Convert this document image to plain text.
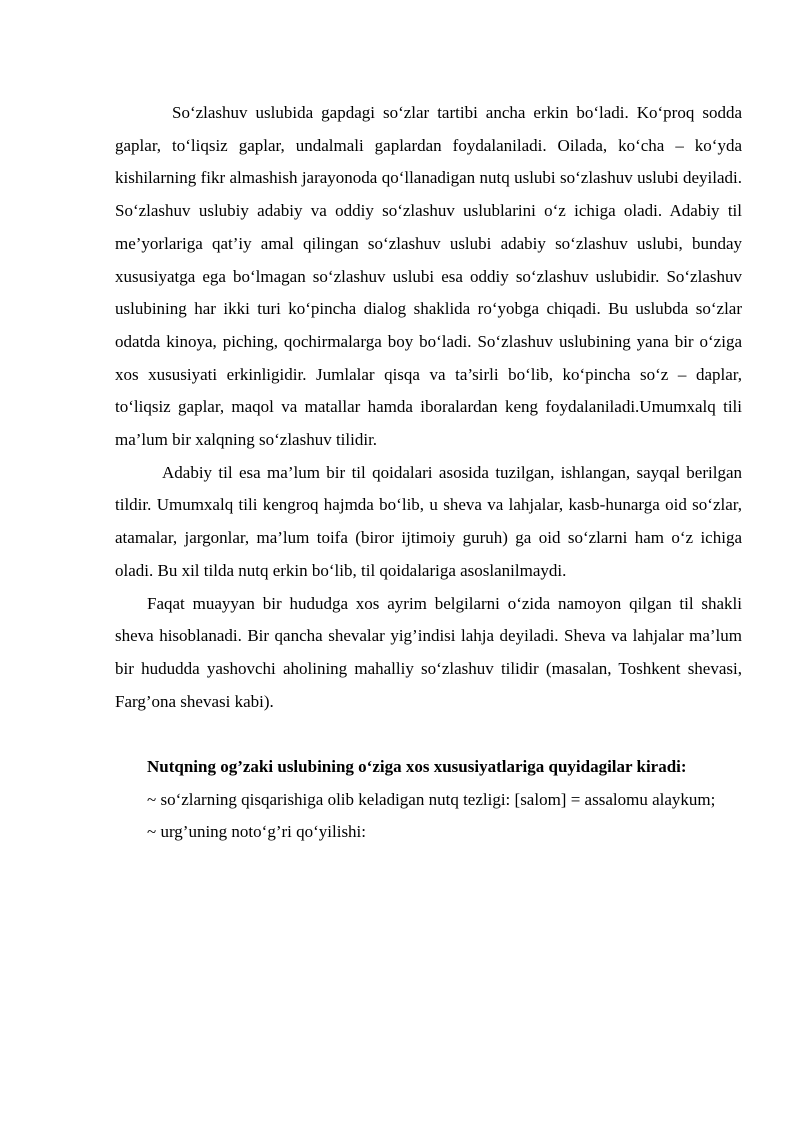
So‘zlashuv uslubida gapdagi so‘zlar tartibi ancha erkin bo‘ladi. Ko‘proq sodda gaplar, to‘liqsiz gaplar, undalmali gaplardan foydalaniladi. Oilada, ko‘cha – ko‘yda kishilarning fikr almashish jarayonoda qo‘llanadigan nutq uslubi so‘zlashuv uslubi deyiladi. So‘zlashuv uslubiy adabiy va oddiy so‘zlashuv uslublarini o‘z ichiga oladi. Adabiy til me’yorlariga qat’iy amal qilingan so‘zlashuv uslubi adabiy so‘zlashuv uslubi, bunday xususiyatga ega bo‘lmagan so‘zlashuv uslubi esa oddiy so‘zlashuv uslubidir. So‘zlashuv uslubining har ikki turi ko‘pincha dialog shaklida ro‘yobga chiqadi. Bu uslubda so‘zlar odatda kinoya, piching, qochirmalarga boy bo‘ladi. So‘zlashuv uslubining yana bir o‘ziga xos xususiyati erkinligidir. Jumlalar qisqa va ta’sirli bo‘lib, ko‘pincha so‘z – daplar, to‘liqsiz gaplar, maqol va matallar hamda iboralardan keng foydalaniladi.Umumxalq tili ma’lum bir xalqning so‘zlashuv tilidir.

Adabiy til esa ma’lum bir til qoidalari asosida tuzilgan, ishlangan, sayqal berilgan tildir. Umumxalq tili kengroq hajmda bo‘lib, u sheva va lahjalar, kasb-hunarga oid so‘zlar, atamalar, jargonlar, ma’lum toifa (biror ijtimoiy guruh) ga oid so‘zlarni ham o‘z ichiga oladi. Bu xil tilda nutq erkin bo‘lib, til qoidalariga asoslanilmaydi.

Faqat muayyan bir hududga xos ayrim belgilarni o‘zida namoyon qilgan til shakli sheva hisoblanadi. Bir qancha shevalar yig’indisi lahja deyiladi. Sheva va lahjalar ma’lum bir hududda yashovchi aholining mahalliy so‘zlashuv tilidir (masalan, Toshkent shevasi, Farg’ona shevasi kabi).

Nutqning og’zaki uslubining o‘ziga xos xususiyatlariga quyidagilar kiradi:

~ so‘zlarning qisqarishiga olib keladigan nutq tezligi: [salom] = assalomu alaykum;

~ urg’uning noto‘g’ri qo‘yilishi:
